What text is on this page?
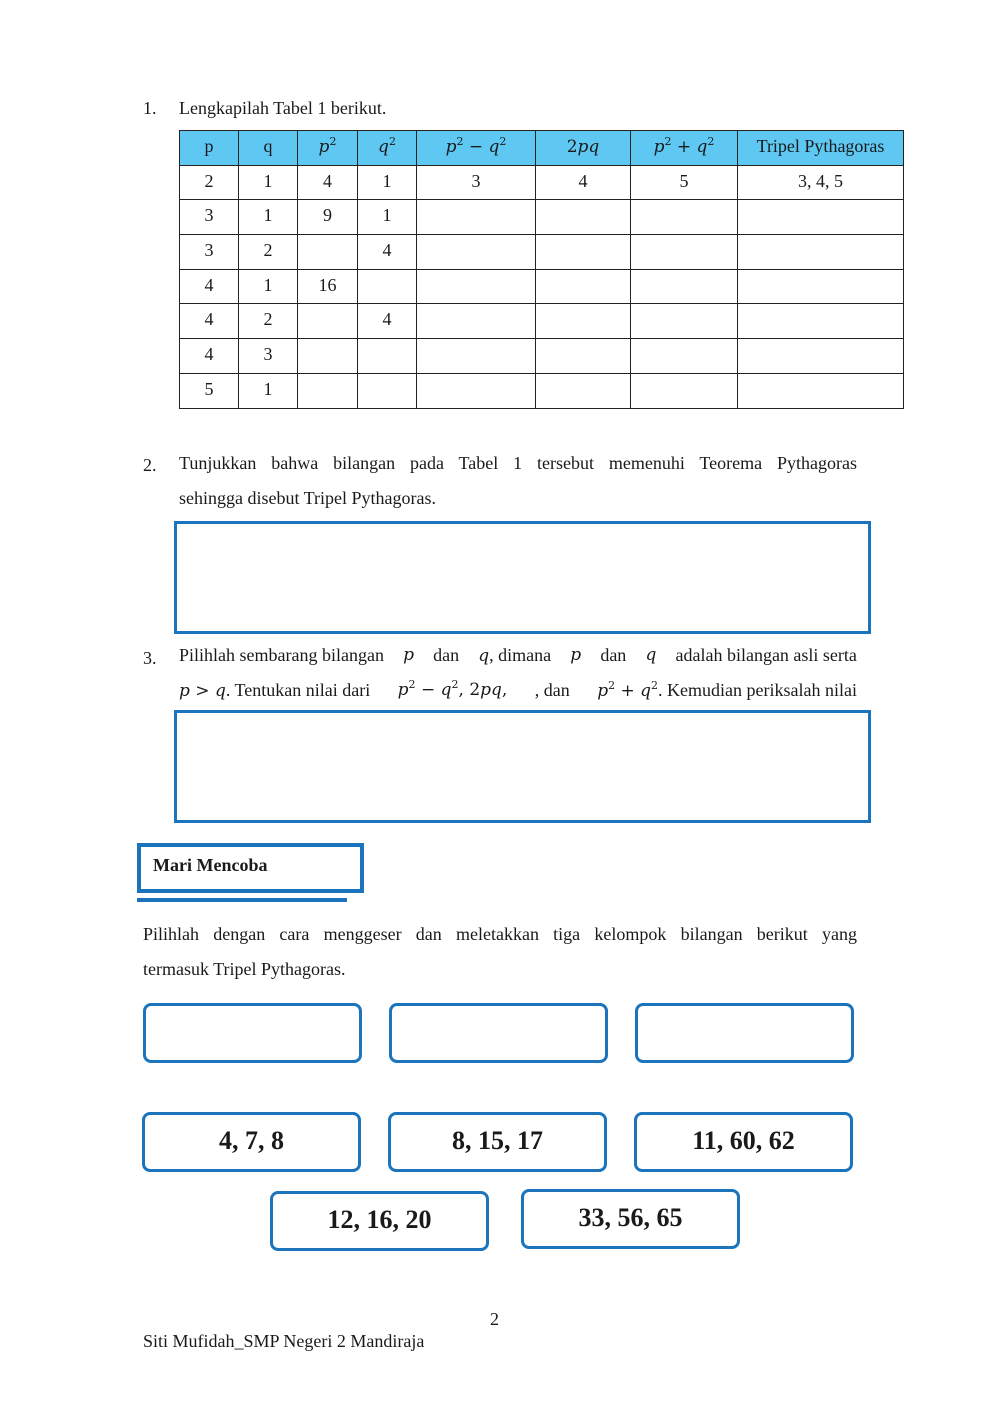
1. Lengkapilah Tabel 1 berikut.
p	q	$p^2$	$q^2$	$p^2 - q^2$	2pq	$p^2 + q^2$	Tripel Pythagoras
2	1	4	1	3	4	5	3, 4, 5
3	1	9	1				
3	2		4				
4	1	16					
4	2		4				
4	3						
5	1						
2. Tunjukkan bahwa bilangan pada Tabel 1 tersebut memenuhi Teorema Pythagoras
sehingga disebut Tripel Pythagoras.
3. Pilihlah sembarang bilangan p dan q, dimana p dan q adalah bilangan asli serta
p > q. Tentukan nilai dari $p^2 - q^2$, 2pq, , dan $p^2 + q^2$. Kemudian periksalah nilai
Mari Mencoba
Pilihlah dengan cara menggeser dan meletakkan tiga kelompok bilangan berikut yang
termasuk Tripel Pythagoras.
4, 7, 8	8, 15, 17	11, 60, 62
12, 16, 20	33, 56, 65
2
Siti Mufidah_SMP Negeri 2 Mandiraja
